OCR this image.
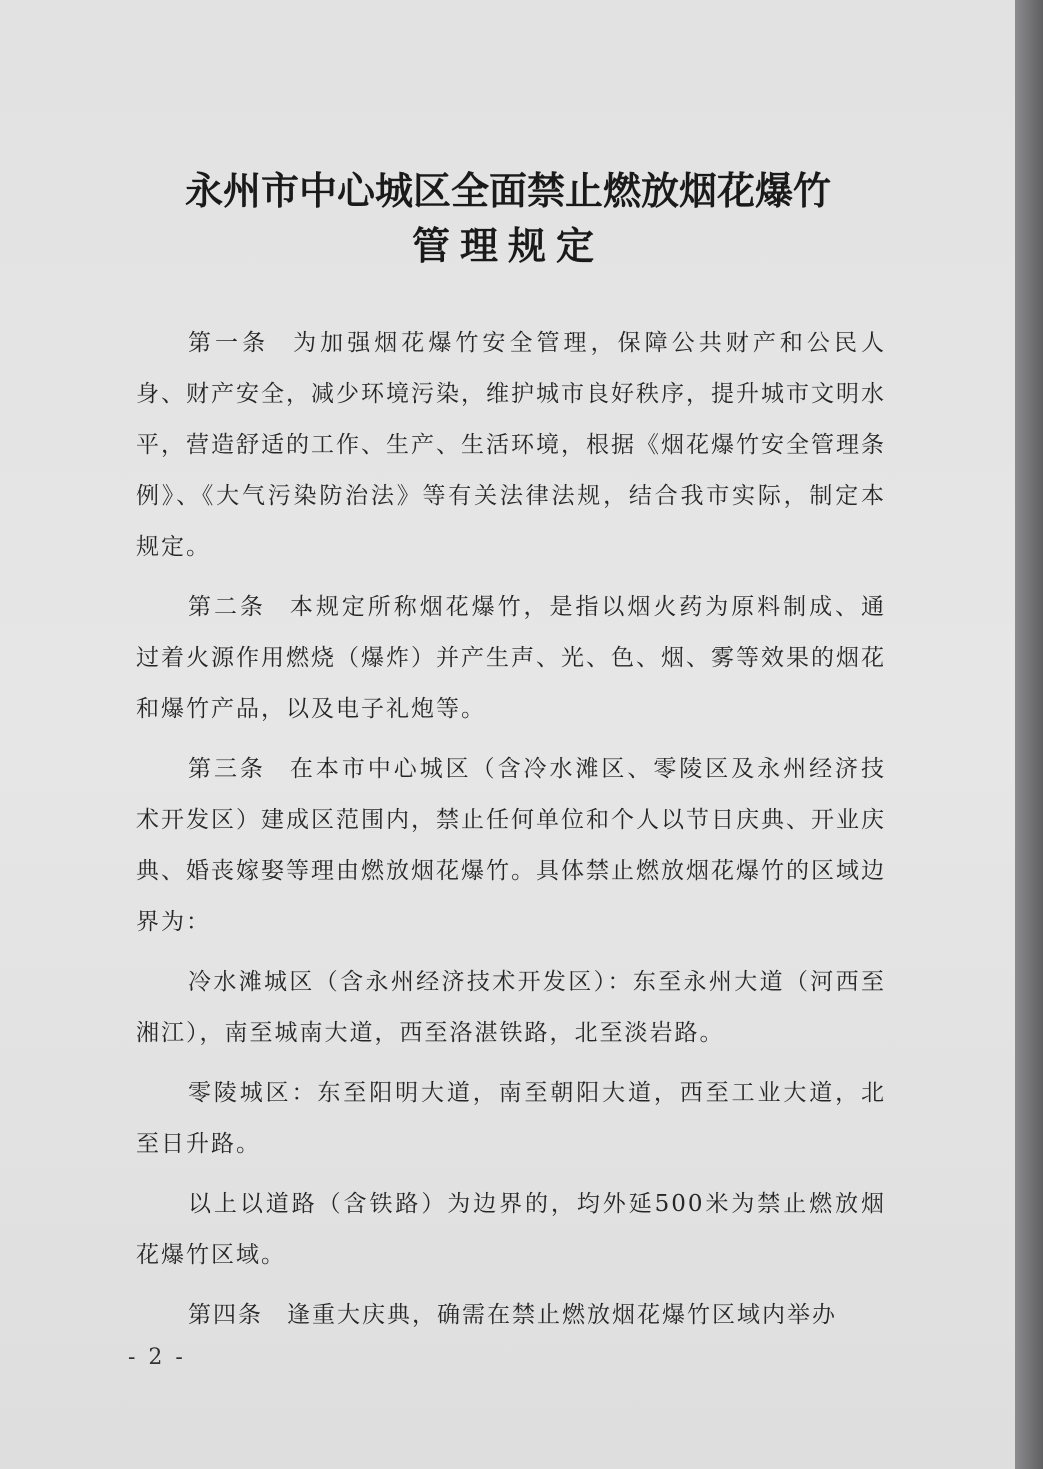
永州市中心城区全面禁止燃放烟花爆竹
管理规定

第一条 为加强烟花爆竹安全管理，保障公共财产和公民人身、财产安全，减少环境污染，维护城市良好秩序，提升城市文明水平，营造舒适的工作、生产、生活环境，根据《烟花爆竹安全管理条例》、《大气污染防治法》等有关法律法规，结合我市实际，制定本规定。

第二条 本规定所称烟花爆竹，是指以烟火药为原料制成、通过着火源作用燃烧（爆炸）并产生声、光、色、烟、雾等效果的烟花和爆竹产品，以及电子礼炮等。

第三条 在本市中心城区（含冷水滩区、零陵区及永州经济技术开发区）建成区范围内，禁止任何单位和个人以节日庆典、开业庆典、婚丧嫁娶等理由燃放烟花爆竹。具体禁止燃放烟花爆竹的区域边界为：

冷水滩城区（含永州经济技术开发区）：东至永州大道（河西至湘江），南至城南大道，西至洛湛铁路，北至淡岩路。

零陵城区：东至阳明大道，南至朝阳大道，西至工业大道，北至日升路。

以上以道路（含铁路）为边界的，均外延500米为禁止燃放烟花爆竹区域。

第四条 逢重大庆典，确需在禁止燃放烟花爆竹区域内举办

- 2 -
